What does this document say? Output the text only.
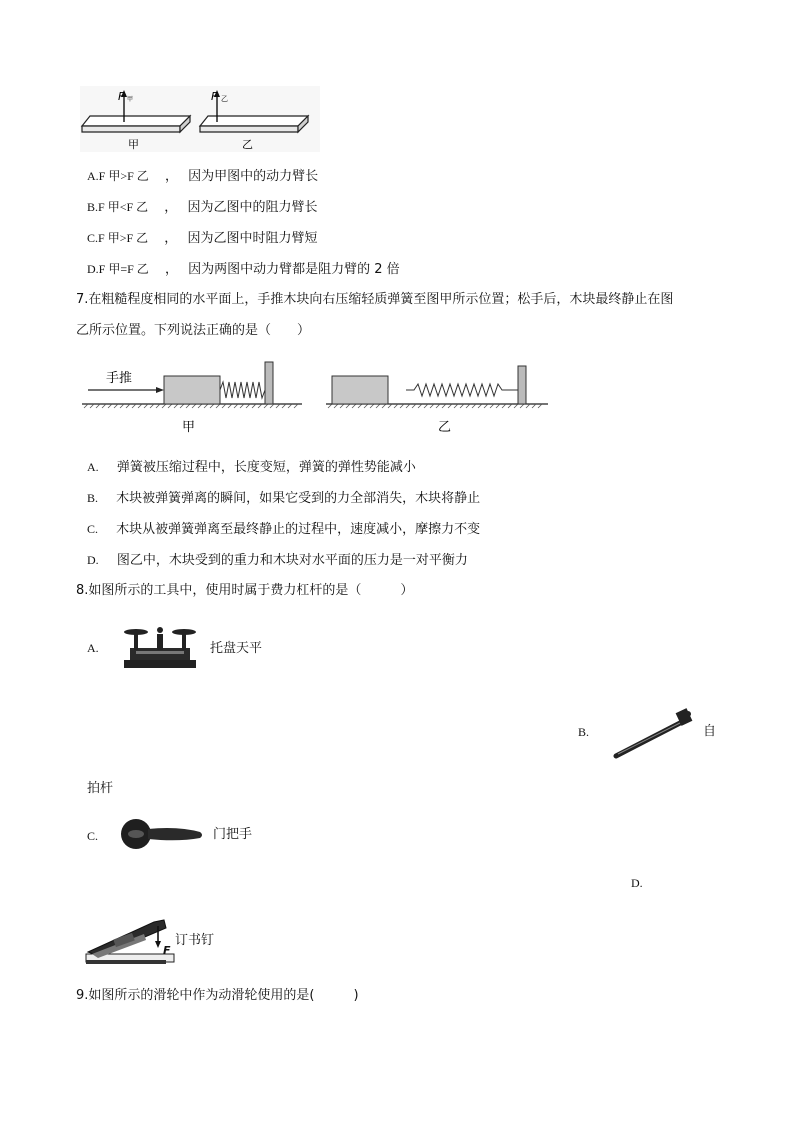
F 甲	F 乙
甲	乙
A.F 甲>F 乙 ， 因为甲图中的动力臂长
B.F 甲<F 乙 ， 因为乙图中的阻力臂长
C.F 甲>F 乙 ， 因为乙图中时阻力臂短
D.F 甲=F 乙 ， 因为两图中动力臂都是阻力臂的 2 倍
7.在粗糙程度相同的水平面上，手推木块向右压缩轻质弹簧至图甲所示位置；松手后，木块最终静止在图
乙所示位置。下列说法正确的是（　　）
手推
甲	乙
A. 弹簧被压缩过程中，长度变短，弹簧的弹性势能减小
B. 木块被弹簧弹离的瞬间，如果它受到的力全部消失，木块将静止
C. 木块从被弹簧弹离至最终静止的过程中，速度减小，摩擦力不变
D. 图乙中，木块受到的重力和木块对水平面的压力是一对平衡力
8.如图所示的工具中，使用时属于费力杠杆的是（　　　）
A.	托盘天平
B.	自
拍杆
C.	门把手
D.
F
订书钉
9.如图所示的滑轮中作为动滑轮使用的是(　　　)
